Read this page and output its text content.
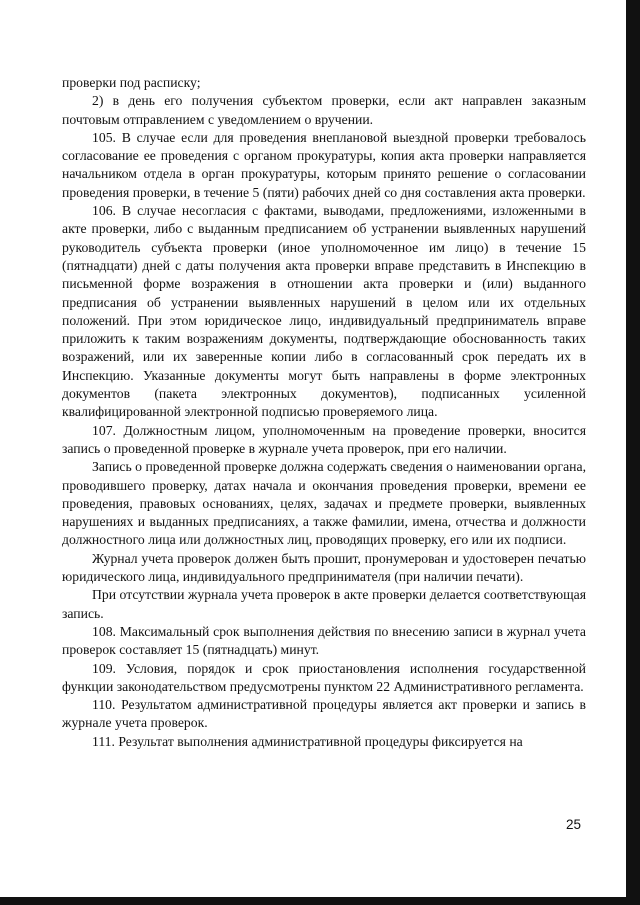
проверки под расписку;

2) в день его получения субъектом проверки, если акт направлен заказным почтовым отправлением с уведомлением о вручении.

105. В случае если для проведения внеплановой выездной проверки требовалось согласование ее проведения с органом прокуратуры, копия акта проверки направляется начальником отдела в орган прокуратуры, которым принято решение о согласовании проведения проверки, в течение 5 (пяти) рабочих дней со дня составления акта проверки.

106. В случае несогласия с фактами, выводами, предложениями, изложенными в акте проверки, либо с выданным предписанием об устранении выявленных нарушений руководитель субъекта проверки (иное уполномоченное им лицо) в течение 15 (пятнадцати) дней с даты получения акта проверки вправе представить в Инспекцию в письменной форме возражения в отношении акта проверки и (или) выданного предписания об устранении выявленных нарушений в целом или их отдельных положений. При этом юридическое лицо, индивидуальный предприниматель вправе приложить к таким возражениям документы, подтверждающие обоснованность таких возражений, или их заверенные копии либо в согласованный срок передать их в Инспекцию. Указанные документы могут быть направлены в форме электронных документов (пакета электронных документов), подписанных усиленной квалифицированной электронной подписью проверяемого лица.

107. Должностным лицом, уполномоченным на проведение проверки, вносится запись о проведенной проверке в журнале учета проверок, при его наличии.

Запись о проведенной проверке должна содержать сведения о наименовании органа, проводившего проверку, датах начала и окончания проведения проверки, времени ее проведения, правовых основаниях, целях, задачах и предмете проверки, выявленных нарушениях и выданных предписаниях, а также фамилии, имена, отчества и должности должностного лица или должностных лиц, проводящих проверку, его или их подписи.

Журнал учета проверок должен быть прошит, пронумерован и удостоверен печатью юридического лица, индивидуального предпринимателя (при наличии печати).

При отсутствии журнала учета проверок в акте проверки делается соответствующая запись.

108. Максимальный срок выполнения действия по внесению записи в журнал учета проверок составляет 15 (пятнадцать) минут.

109. Условия, порядок и срок приостановления исполнения государственной функции законодательством предусмотрены пунктом 22 Административного регламента.

110. Результатом административной процедуры является акт проверки и запись в журнале учета проверок.

111. Результат выполнения административной процедуры фиксируется на

25
